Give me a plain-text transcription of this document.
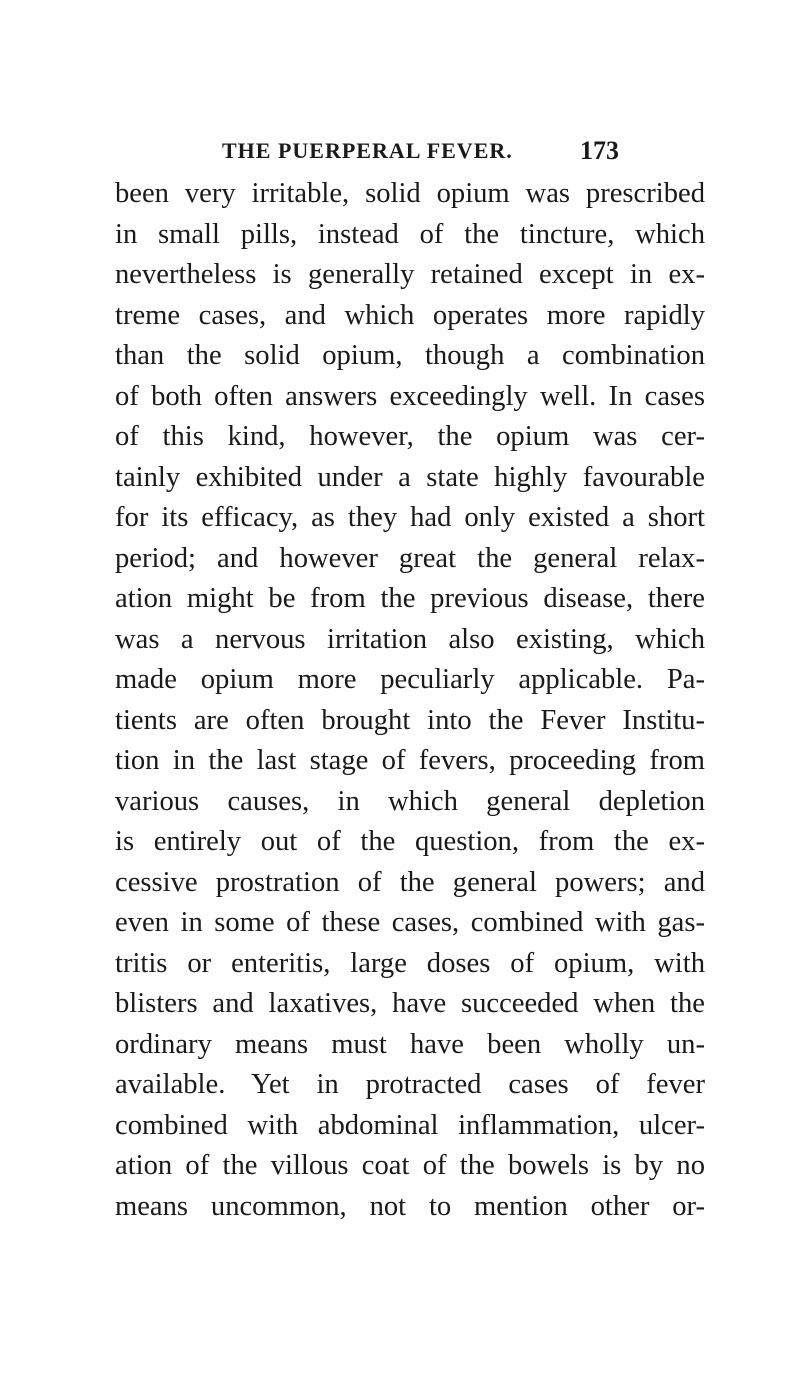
THE PUERPERAL FEVER.	173
been very irritable, solid opium was prescribed
in small pills, instead of the tincture, which
nevertheless is generally retained except in ex-
treme cases, and which operates more rapidly
than the solid opium, though a combination
of both often answers exceedingly well. In cases
of this kind, however, the opium was cer-
tainly exhibited under a state highly favourable
for its efficacy, as they had only existed a short
period; and however great the general relax-
ation might be from the previous disease, there
was a nervous irritation also existing, which
made opium more peculiarly applicable. Pa-
tients are often brought into the Fever Institu-
tion in the last stage of fevers, proceeding from
various causes, in which general depletion
is entirely out of the question, from the ex-
cessive prostration of the general powers; and
even in some of these cases, combined with gas-
tritis or enteritis, large doses of opium, with
blisters and laxatives, have succeeded when the
ordinary means must have been wholly un-
available. Yet in protracted cases of fever
combined with abdominal inflammation, ulcer-
ation of the villous coat of the bowels is by no
means uncommon, not to mention other or-
